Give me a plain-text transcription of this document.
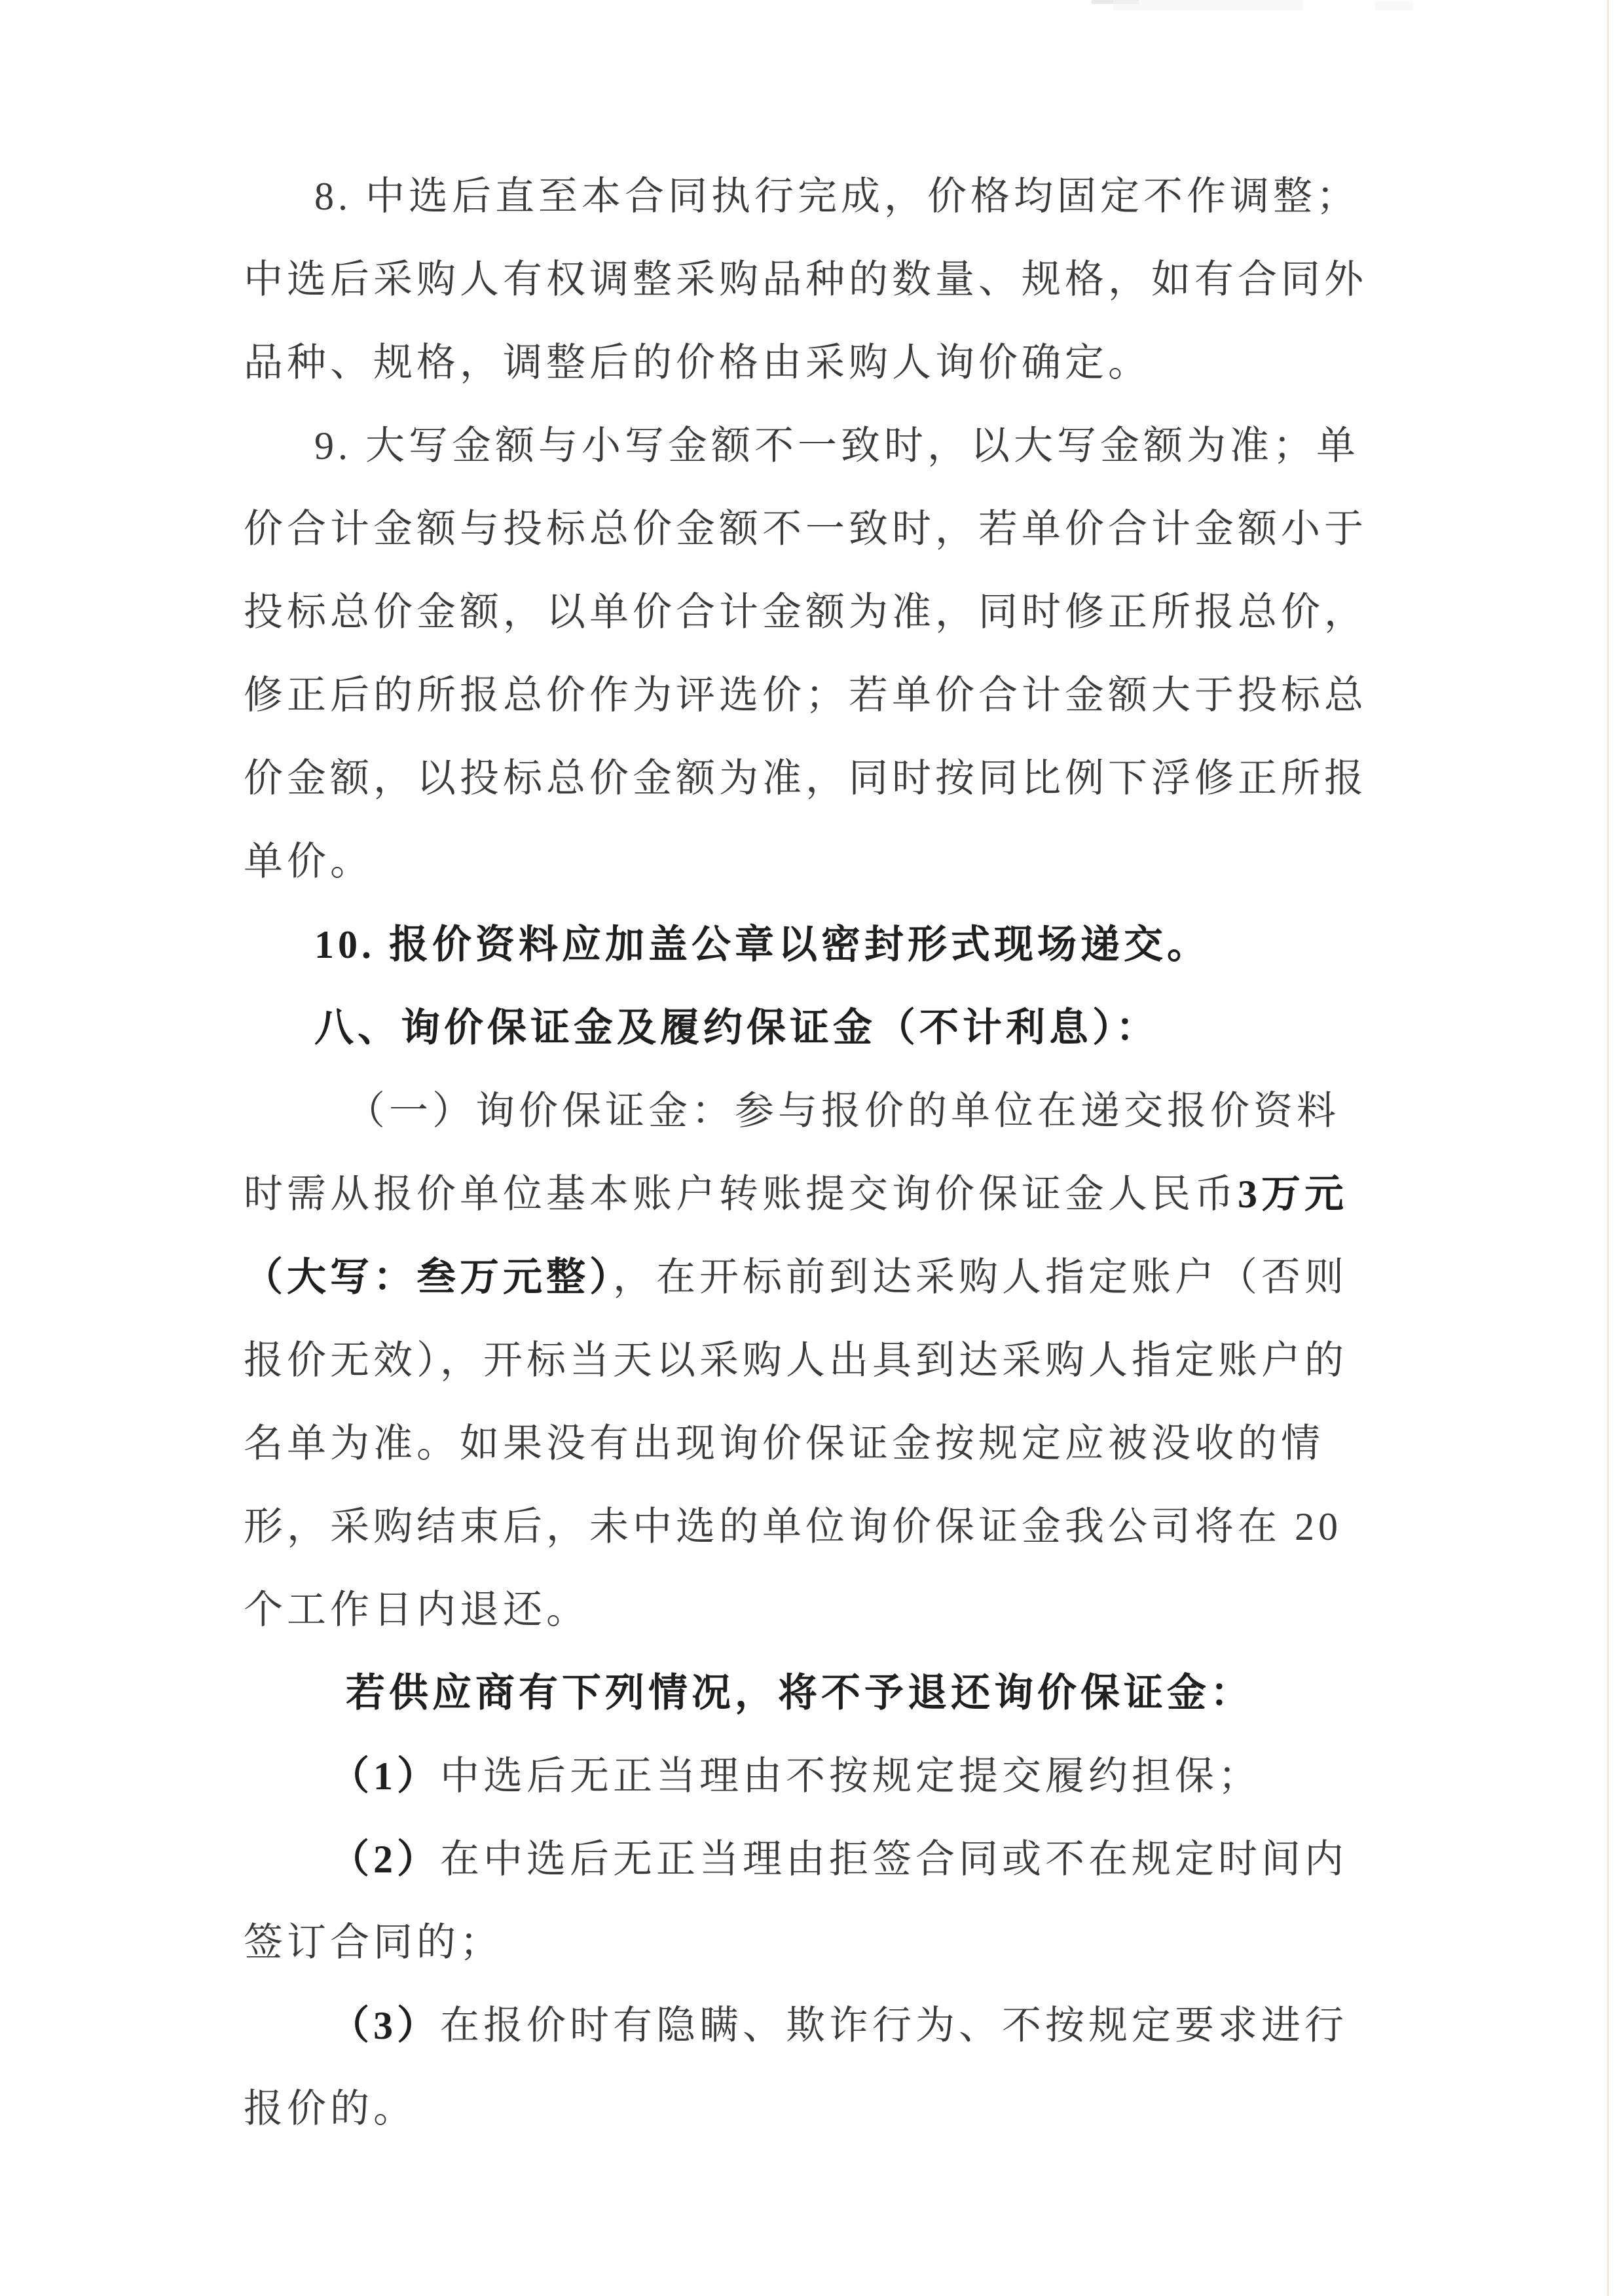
8. 中选后直至本合同执行完成，价格均固定不作调整；
中选后采购人有权调整采购品种的数量、规格，如有合同外
品种、规格，调整后的价格由采购人询价确定。
9. 大写金额与小写金额不一致时，以大写金额为准；单
价合计金额与投标总价金额不一致时，若单价合计金额小于
投标总价金额，以单价合计金额为准，同时修正所报总价，
修正后的所报总价作为评选价；若单价合计金额大于投标总
价金额，以投标总价金额为准，同时按同比例下浮修正所报
单价。
10. 报价资料应加盖公章以密封形式现场递交。
八、询价保证金及履约保证金（不计利息）：
（一）询价保证金：参与报价的单位在递交报价资料
时需从报价单位基本账户转账提交询价保证金人民币3万元
（大写：叁万元整），在开标前到达采购人指定账户（否则
报价无效），开标当天以采购人出具到达采购人指定账户的
名单为准。如果没有出现询价保证金按规定应被没收的情
形，采购结束后，未中选的单位询价保证金我公司将在 20
个工作日内退还。
若供应商有下列情况，将不予退还询价保证金：
（1）中选后无正当理由不按规定提交履约担保；
（2）在中选后无正当理由拒签合同或不在规定时间内
签订合同的；
（3）在报价时有隐瞒、欺诈行为、不按规定要求进行
报价的。
